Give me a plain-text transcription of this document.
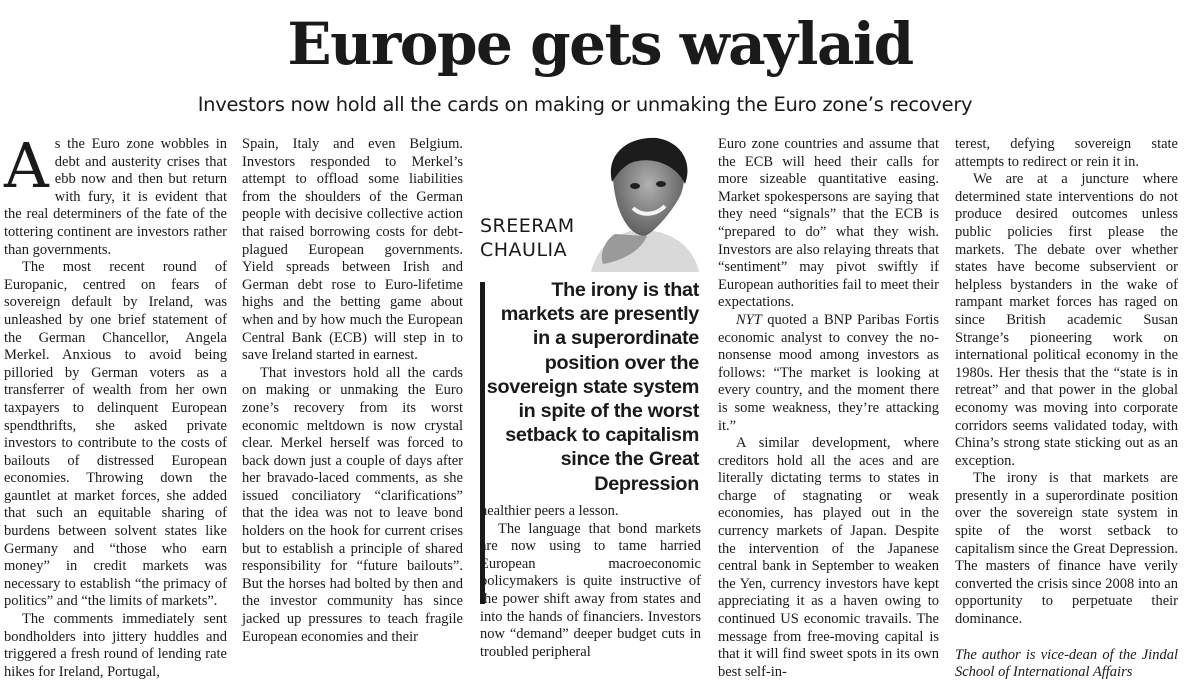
Europe gets waylaid

Investors now hold all the cards on making or unmaking the Euro zone’s recovery

As the Euro zone wobbles in debt and austerity crises that ebb now and then but return with fury, it is evident that the real determiners of the fate of the tottering continent are investors rather than governments.

The most recent round of Europanic, centred on fears of sovereign default by Ireland, was unleashed by one brief statement of the German Chancellor, Angela Merkel. Anxious to avoid being pilloried by German voters as a transferrer of wealth from her own taxpayers to delinquent European spendthrifts, she asked private investors to contribute to the costs of bailouts of distressed European economies. Throwing down the gauntlet at market forces, she added that such an equitable sharing of burdens between solvent states like Germany and “those who earn money” in credit markets was necessary to establish “the primacy of politics” and “the limits of markets”.

The comments immediately sent bondholders into jittery huddles and triggered a fresh round of lending rate hikes for Ireland, Portugal,

Spain, Italy and even Belgium. Investors responded to Merkel’s attempt to offload some liabilities from the shoulders of the German people with decisive collective action that raised borrowing costs for debt-plagued European governments. Yield spreads between Irish and German debt rose to Euro-lifetime highs and the betting game about when and by how much the European Central Bank (ECB) will step in to save Ireland started in earnest.

That investors hold all the cards on making or unmaking the Euro zone’s recovery from its worst economic meltdown is now crystal clear. Merkel herself was forced to back down just a couple of days after her bravado-laced comments, as she issued conciliatory “clarifications” that the idea was not to leave bond holders on the hook for current crises but to establish a principle of shared responsibility for “future bailouts”. But the horses had bolted by then and the investor community has since jacked up pressures to teach fragile European economies and their

SREERAM
CHAULIA

The irony is that markets are presently in a superordinate position over the sovereign state system in spite of the worst setback to capitalism since the Great Depression

healthier peers a lesson.

The language that bond markets are now using to tame harried European macroeconomic policymakers is quite instructive of the power shift away from states and into the hands of financiers. Investors now “demand” deeper budget cuts in troubled peripheral

Euro zone countries and assume that the ECB will heed their calls for more sizeable quantitative easing. Market spokespersons are saying that they need “signals” that the ECB is “prepared to do” what they wish. Investors are also relaying threats that “sentiment” may pivot swiftly if European authorities fail to meet their expectations.

NYT quoted a BNP Paribas Fortis economic analyst to convey the no-nonsense mood among investors as follows: “The market is looking at every country, and the moment there is some weakness, they’re attacking it.”

A similar development, where creditors hold all the aces and are literally dictating terms to states in charge of stagnating or weak economies, has played out in the currency markets of Japan. Despite the intervention of the Japanese central bank in September to weaken the Yen, currency investors have kept appreciating it as a haven owing to continued US economic travails. The message from free-moving capital is that it will find sweet spots in its own best self-in-

terest, defying sovereign state attempts to redirect or rein it in.

We are at a juncture where determined state interventions do not produce desired outcomes unless public policies first please the markets. The debate over whether states have become subservient or helpless bystanders in the wake of rampant market forces has raged on since British academic Susan Strange’s pioneering work on international political economy in the 1980s. Her thesis that the “state is in retreat” and that power in the global economy was moving into corporate corridors seems validated today, with China’s strong state sticking out as an exception.

The irony is that markets are presently in a superordinate position over the sovereign state system in spite of the worst setback to capitalism since the Great Depression. The masters of finance have verily converted the crisis since 2008 into an opportunity to perpetuate their dominance.

The author is vice-dean of the Jindal School of International Affairs
